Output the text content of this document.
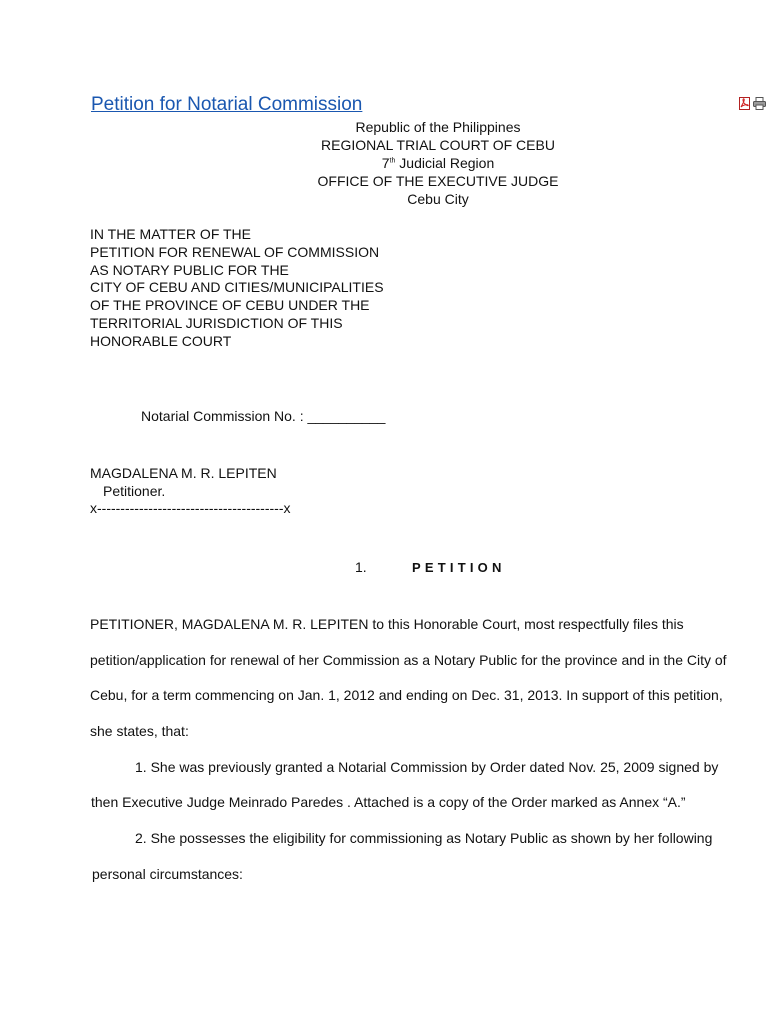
Petition for Notarial Commission
Republic of the Philippines
REGIONAL TRIAL COURT OF CEBU
7th Judicial Region
OFFICE OF THE EXECUTIVE JUDGE
Cebu City
IN THE MATTER OF THE
PETITION FOR RENEWAL OF COMMISSION
AS NOTARY PUBLIC FOR THE
CITY OF CEBU AND CITIES/MUNICIPALITIES
OF THE PROVINCE OF CEBU UNDER THE
TERRITORIAL JURISDICTION OF THIS
HONORABLE COURT
Notarial Commission No. : __________
MAGDALENA M. R. LEPITEN
Petitioner.
x----------------------------------------x
1.	PETITION
PETITIONER, MAGDALENA M. R. LEPITEN to this Honorable Court, most respectfully files this
petition/application for renewal of her Commission as a Notary Public for the province and in the City of
Cebu, for a term commencing on Jan. 1, 2012 and ending on Dec. 31, 2013. In support of this petition,
she states, that:
1. She was previously granted a Notarial Commission by Order dated Nov. 25, 2009 signed by
then Executive Judge Meinrado Paredes . Attached is a copy of the Order marked as Annex “A.”
2. She possesses the eligibility for commissioning as Notary Public as shown by her following
personal circumstances:
